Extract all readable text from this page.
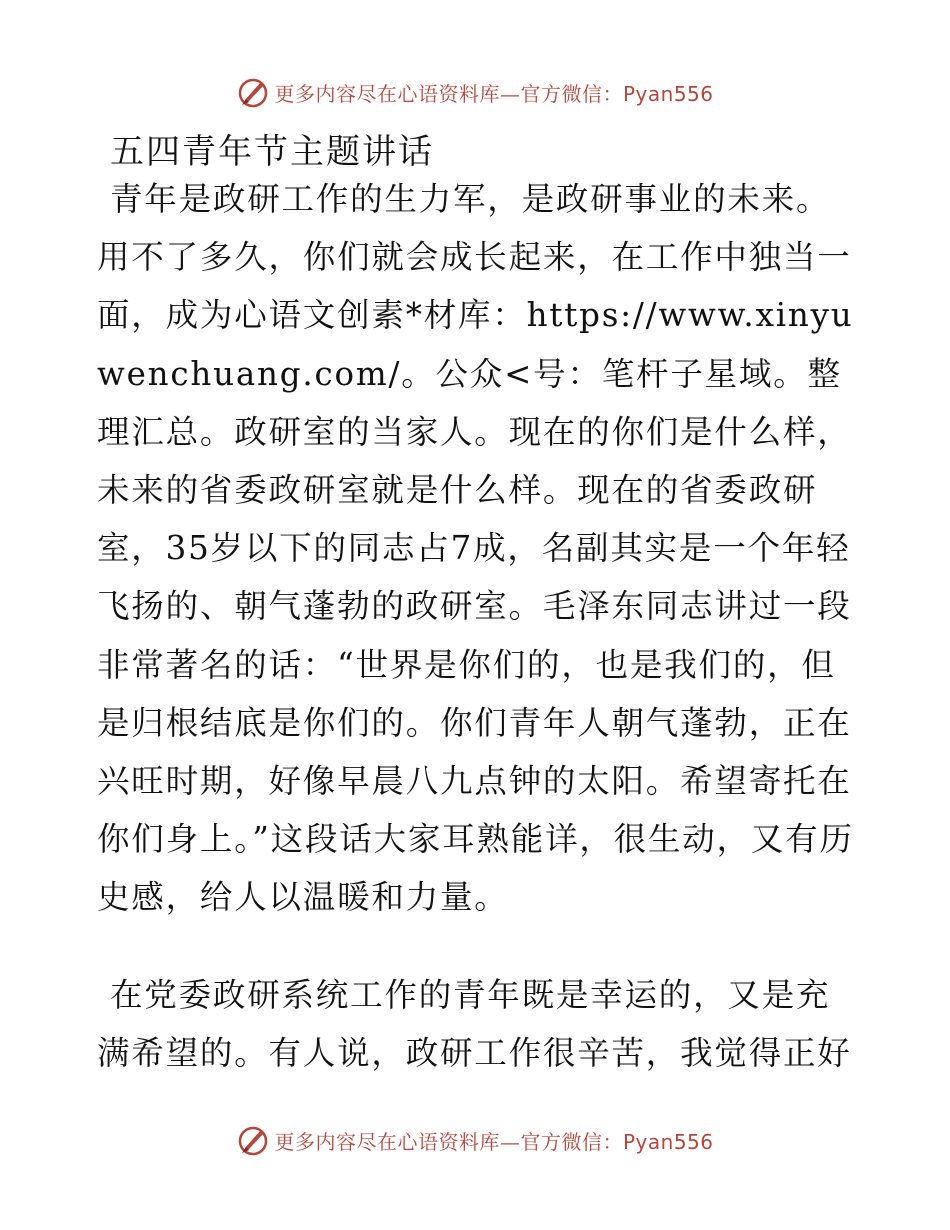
更多内容尽在心语资料库—官方微信：Pyan556
五四青年节主题讲话

青年是政研工作的生力军，是政研事业的未来。用不了多久，你们就会成长起来，在工作中独当一面，成为心语文创素*材库：https://www.xinyuwenchuang.com/。公众<号：笔杆子星域。整理汇总。政研室的当家人。现在的你们是什么样，未来的省委政研室就是什么样。现在的省委政研室，35岁以下的同志占7成，名副其实是一个年轻飞扬的、朝气蓬勃的政研室。毛泽东同志讲过一段非常著名的话：“世界是你们的，也是我们的，但是归根结底是你们的。你们青年人朝气蓬勃，正在兴旺时期，好像早晨八九点钟的太阳。希望寄托在你们身上。”这段话大家耳熟能详，很生动，又有历史感，给人以温暖和力量。

在党委政研系统工作的青年既是幸运的，又是充满希望的。有人说，政研工作很辛苦，我觉得正好

更多内容尽在心语资料库—官方微信：Pyan556
